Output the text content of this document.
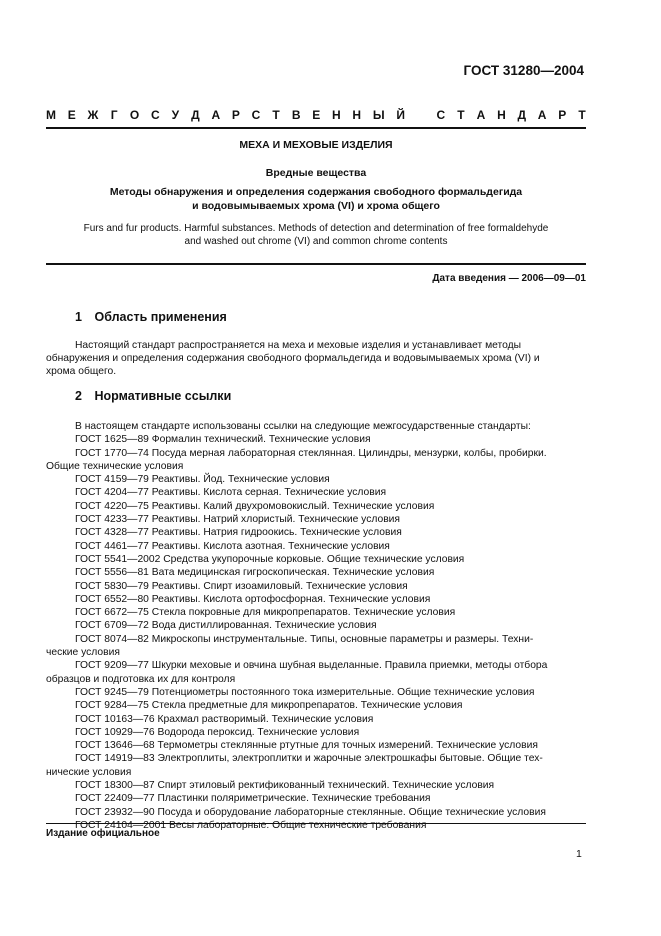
ГОСТ 31280—2004
М Е Ж Г О С У Д А Р С Т В Е Н Н Ы Й	С Т А Н Д А Р Т
МЕХА И МЕХОВЫЕ ИЗДЕЛИЯ
Вредные вещества
Методы обнаружения и определения содержания свободного формальдегида
и водовымываемых хрома (VI) и хрома общего
Furs and fur products. Harmful substances. Methods of detection and determination of free formaldehyde
and washed out chrome (VI) and common chrome contents
Дата введения — 2006—09—01
1 Область применения
Настоящий стандарт распространяется на меха и меховые изделия и устанавливает методы
обнаружения и определения содержания свободного формальдегида и водовымываемых хрома (VI) и
хрома общего.
2 Нормативные ссылки
В настоящем стандарте использованы ссылки на следующие межгосударственные стандарты:
ГОСТ 1625—89 Формалин технический. Технические условия
ГОСТ 1770—74 Посуда мерная лабораторная стеклянная. Цилиндры, мензурки, колбы, пробирки.
Общие технические условия
ГОСТ 4159—79 Реактивы. Йод. Технические условия
ГОСТ 4204—77 Реактивы. Кислота серная. Технические условия
ГОСТ 4220—75 Реактивы. Калий двухромовокислый. Технические условия
ГОСТ 4233—77 Реактивы. Натрий хлористый. Технические условия
ГОСТ 4328—77 Реактивы. Натрия гидроокись. Технические условия
ГОСТ 4461—77 Реактивы. Кислота азотная. Технические условия
ГОСТ 5541—2002 Средства укупорочные корковые. Общие технические условия
ГОСТ 5556—81 Вата медицинская гигроскопическая. Технические условия
ГОСТ 5830—79 Реактивы. Спирт изоамиловый. Технические условия
ГОСТ 6552—80 Реактивы. Кислота ортофосфорная. Технические условия
ГОСТ 6672—75 Стекла покровные для микропрепаратов. Технические условия
ГОСТ 6709—72 Вода дистиллированная. Технические условия
ГОСТ 8074—82 Микроскопы инструментальные. Типы, основные параметры и размеры. Техни-
ческие условия
ГОСТ 9209—77 Шкурки меховые и овчина шубная выделанные. Правила приемки, методы отбора
образцов и подготовка их для контроля
ГОСТ 9245—79 Потенциометры постоянного тока измерительные. Общие технические условия
ГОСТ 9284—75 Стекла предметные для микропрепаратов. Технические условия
ГОСТ 10163—76 Крахмал растворимый. Технические условия
ГОСТ 10929—76 Водорода пероксид. Технические условия
ГОСТ 13646—68 Термометры стеклянные ртутные для точных измерений. Технические условия
ГОСТ 14919—83 Электроплиты, электроплитки и жарочные электрошкафы бытовые. Общие тех-
нические условия
ГОСТ 18300—87 Спирт этиловый ректификованный технический. Технические условия
ГОСТ 22409—77 Пластинки поляриметрические. Технические требования
ГОСТ 23932—90 Посуда и оборудование лабораторные стеклянные. Общие технические условия
ГОСТ 24104—2001 Весы лабораторные. Общие технические требования
Издание официальное
1
